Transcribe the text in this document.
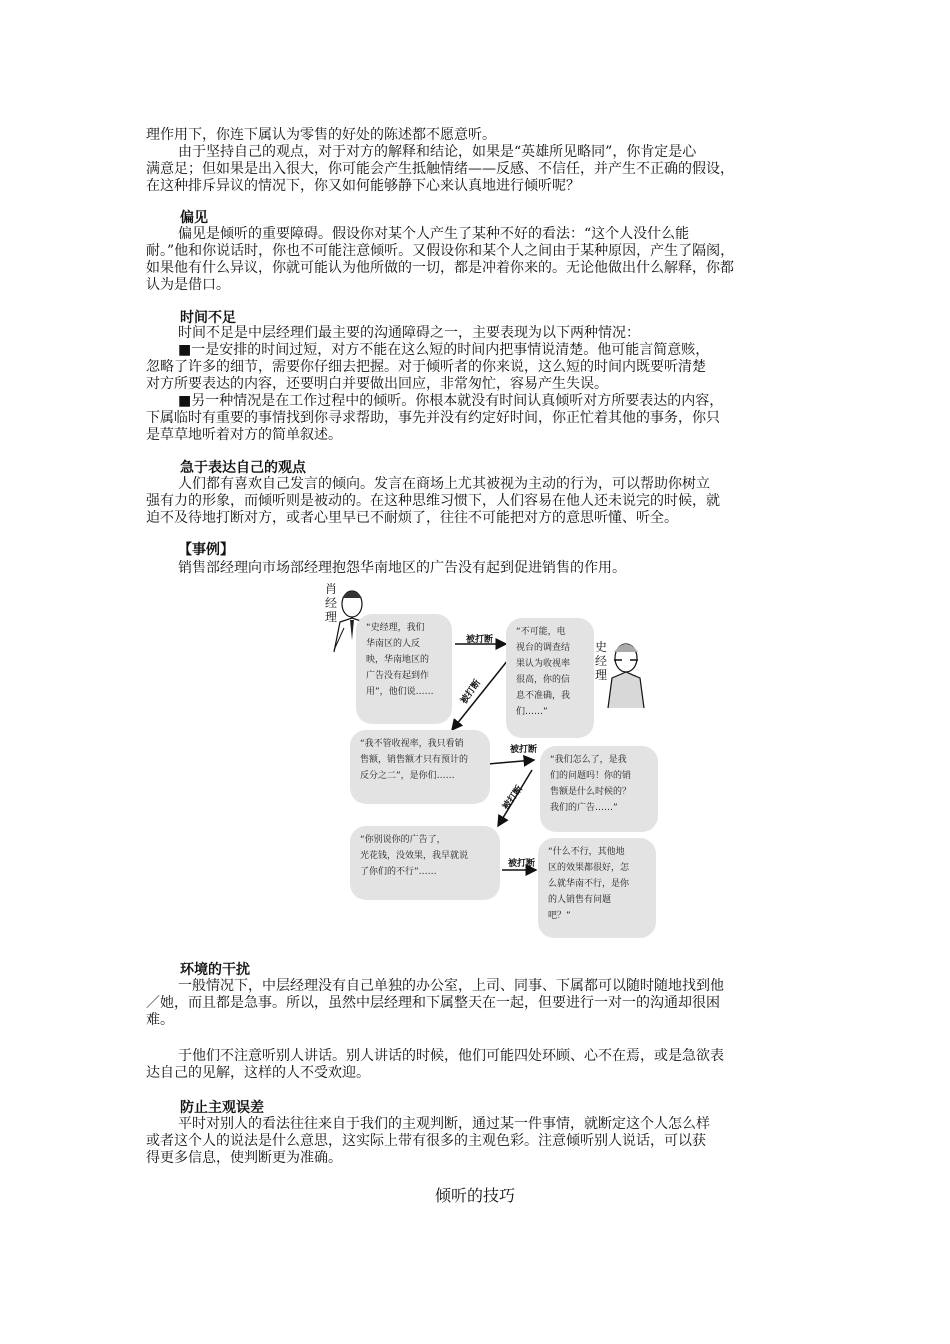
理作用下，你连下属认为零售的好处的陈述都不愿意听。
由于坚持自己的观点，对于对方的解释和结论，如果是“英雄所见略同”，你肯定是心
满意足；但如果是出入很大，你可能会产生抵触情绪——反感、不信任，并产生不正确的假设，
在这种排斥异议的情况下，你又如何能够静下心来认真地进行倾听呢？
偏见
偏见是倾听的重要障碍。假设你对某个人产生了某种不好的看法：“这个人没什么能
耐。”他和你说话时，你也不可能注意倾听。又假设你和某个人之间由于某种原因，产生了隔阂，
如果他有什么异议，你就可能认为他所做的一切，都是冲着你来的。无论他做出什么解释，你都
认为是借口。
时间不足
时间不足是中层经理们最主要的沟通障碍之一，主要表现为以下两种情况：
■一是安排的时间过短，对方不能在这么短的时间内把事情说清楚。他可能言简意赅，
忽略了许多的细节，需要你仔细去把握。对于倾听者的你来说，这么短的时间内既要听清楚
对方所要表达的内容，还要明白并要做出回应，非常匆忙，容易产生失误。
■另一种情况是在工作过程中的倾听。你根本就没有时间认真倾听对方所要表达的内容，
下属临时有重要的事情找到你寻求帮助，事先并没有约定好时间，你正忙着其他的事务，你只
是草草地听着对方的简单叙述。
急于表达自己的观点
人们都有喜欢自己发言的倾向。发言在商场上尤其被视为主动的行为，可以帮助你树立
强有力的形象，而倾听则是被动的。在这种思维习惯下，人们容易在他人还未说完的时候，就
迫不及待地打断对方，或者心里早已不耐烦了，往往不可能把对方的意思听懂、听全。
【事例】
销售部经理向市场部经理抱怨华南地区的广告没有起到促进销售的作用。
肖经理
史经理
“史经理，我们
华南区的人反
映，华南地区的
广告没有起到作
用”，他们说……
被打断
“不可能，电
视台的调查结
果认为收视率
很高，你的信
息不准确，我
们……”
被打断
“我不管收视率，我只看销
售额，销售额才只有预计的
反分之二”，是你们……
被打断
“我们怎么了，是我
们的问题吗！你的销
售额是什么时候的？
我们的广告……”
被打断
“你别说你的广告了，
光花钱，没效果，我早就说
了你们的不行”……
被打断
“什么不行，其他地
区的效果都很好，怎
么就华南不行，是你
的人销售有问题
吧？”
环境的干扰
一般情况下，中层经理没有自己单独的办公室，上司、同事、下属都可以随时随地找到他
／她，而且都是急事。所以，虽然中层经理和下属整天在一起，但要进行一对一的沟通却很困
难。
于他们不注意听别人讲话。别人讲话的时候，他们可能四处环顾、心不在焉，或是急欲表
达自己的见解，这样的人不受欢迎。
防止主观误差
平时对别人的看法往往来自于我们的主观判断，通过某一件事情，就断定这个人怎么样
或者这个人的说法是什么意思，这实际上带有很多的主观色彩。注意倾听别人说话，可以获
得更多信息，使判断更为准确。
倾听的技巧
